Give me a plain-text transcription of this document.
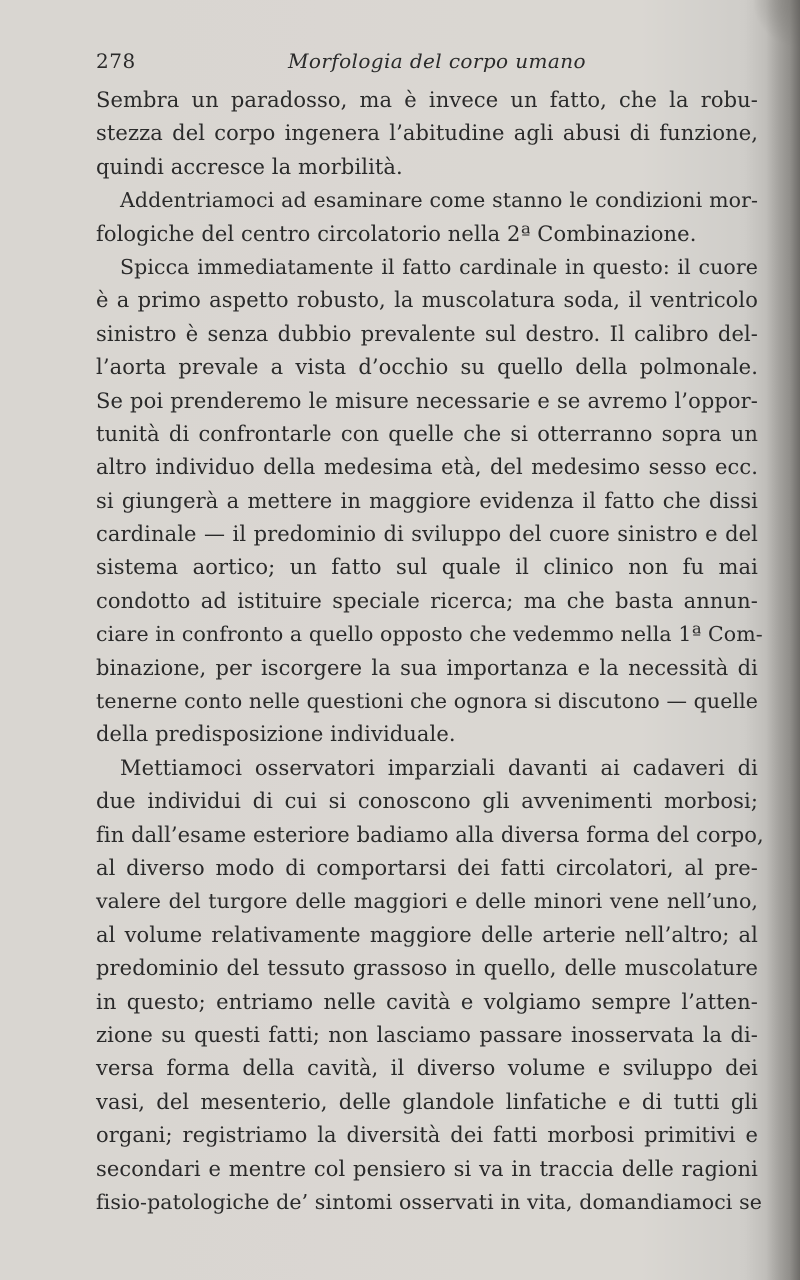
278	Morfologia del corpo umano
Sembra un paradosso, ma è invece un fatto, che la robu-
stezza del corpo ingenera l’abitudine agli abusi di funzione,
quindi accresce la morbilità.
Addentriamoci ad esaminare come stanno le condizioni mor-
fologiche del centro circolatorio nella 2ª Combinazione.
Spicca immediatamente il fatto cardinale in questo: il cuore
è a primo aspetto robusto, la muscolatura soda, il ventricolo
sinistro è senza dubbio prevalente sul destro. Il calibro del-
l’aorta prevale a vista d’occhio su quello della polmonale.
Se poi prenderemo le misure necessarie e se avremo l’oppor-
tunità di confrontarle con quelle che si otterranno sopra un
altro individuo della medesima età, del medesimo sesso ecc.
si giungerà a mettere in maggiore evidenza il fatto che dissi
cardinale — il predominio di sviluppo del cuore sinistro e del
sistema aortico; un fatto sul quale il clinico non fu mai
condotto ad istituire speciale ricerca; ma che basta annun-
ciare in confronto a quello opposto che vedemmo nella 1ª Com-
binazione, per iscorgere la sua importanza e la necessità di
tenerne conto nelle questioni che ognora si discutono — quelle
della predisposizione individuale.
Mettiamoci osservatori imparziali davanti ai cadaveri di
due individui di cui si conoscono gli avvenimenti morbosi;
fin dall’esame esteriore badiamo alla diversa forma del corpo,
al diverso modo di comportarsi dei fatti circolatori, al pre-
valere del turgore delle maggiori e delle minori vene nell’uno,
al volume relativamente maggiore delle arterie nell’altro; al
predominio del tessuto grassoso in quello, delle muscolature
in questo; entriamo nelle cavità e volgiamo sempre l’atten-
zione su questi fatti; non lasciamo passare inosservata la di-
versa forma della cavità, il diverso volume e sviluppo dei
vasi, del mesenterio, delle glandole linfatiche e di tutti gli
organi; registriamo la diversità dei fatti morbosi primitivi e
secondari e mentre col pensiero si va in traccia delle ragioni
fisio-patologiche de’ sintomi osservati in vita, domandiamoci se
